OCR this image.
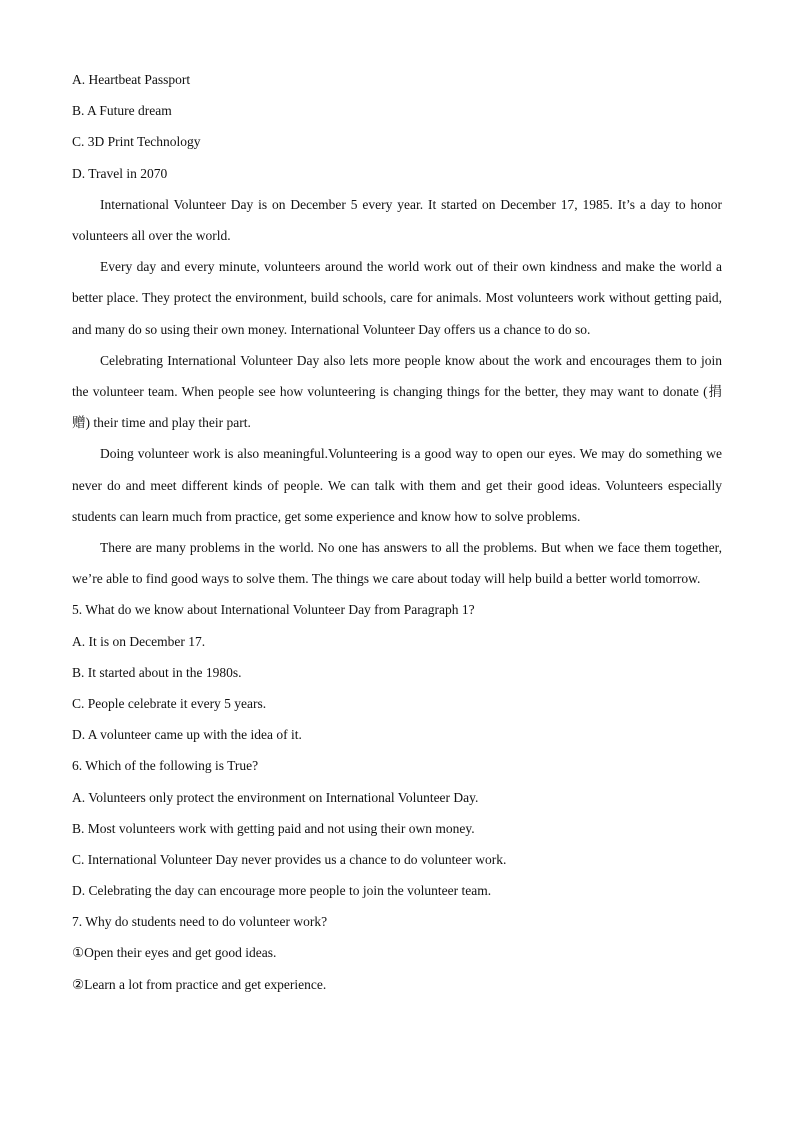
A. Heartbeat Passport

B. A Future dream

C. 3D Print Technology

D. Travel in 2070

International Volunteer Day is on December 5 every year. It started on December 17, 1985. It’s a day to honor volunteers all over the world.

Every day and every minute, volunteers around the world work out of their own kindness and make the world a better place. They protect the environment, build schools, care for animals. Most volunteers work without getting paid, and many do so using their own money. International Volunteer Day offers us a chance to do so.

Celebrating International Volunteer Day also lets more people know about the work and encourages them to join the volunteer team. When people see how volunteering is changing things for the better, they may want to donate (捐赠) their time and play their part.

Doing volunteer work is also meaningful.Volunteering is a good way to open our eyes. We may do something we never do and meet different kinds of people. We can talk with them and get their good ideas. Volunteers especially students can learn much from practice, get some experience and know how to solve problems.

There are many problems in the world. No one has answers to all the problems. But when we face them together, we’re able to find good ways to solve them. The things we care about today will help build a better world tomorrow.

5. What do we know about International Volunteer Day from Paragraph 1?

A. It is on December 17.

B. It started about in the 1980s.

C. People celebrate it every 5 years.

D. A volunteer came up with the idea of it.

6. Which of the following is True?

A. Volunteers only protect the environment on International Volunteer Day.

B. Most volunteers work with getting paid and not using their own money.

C. International Volunteer Day never provides us a chance to do volunteer work.

D. Celebrating the day can encourage more people to join the volunteer team.

7. Why do students need to do volunteer work?

①Open their eyes and get good ideas.

②Learn a lot from practice and get experience.
